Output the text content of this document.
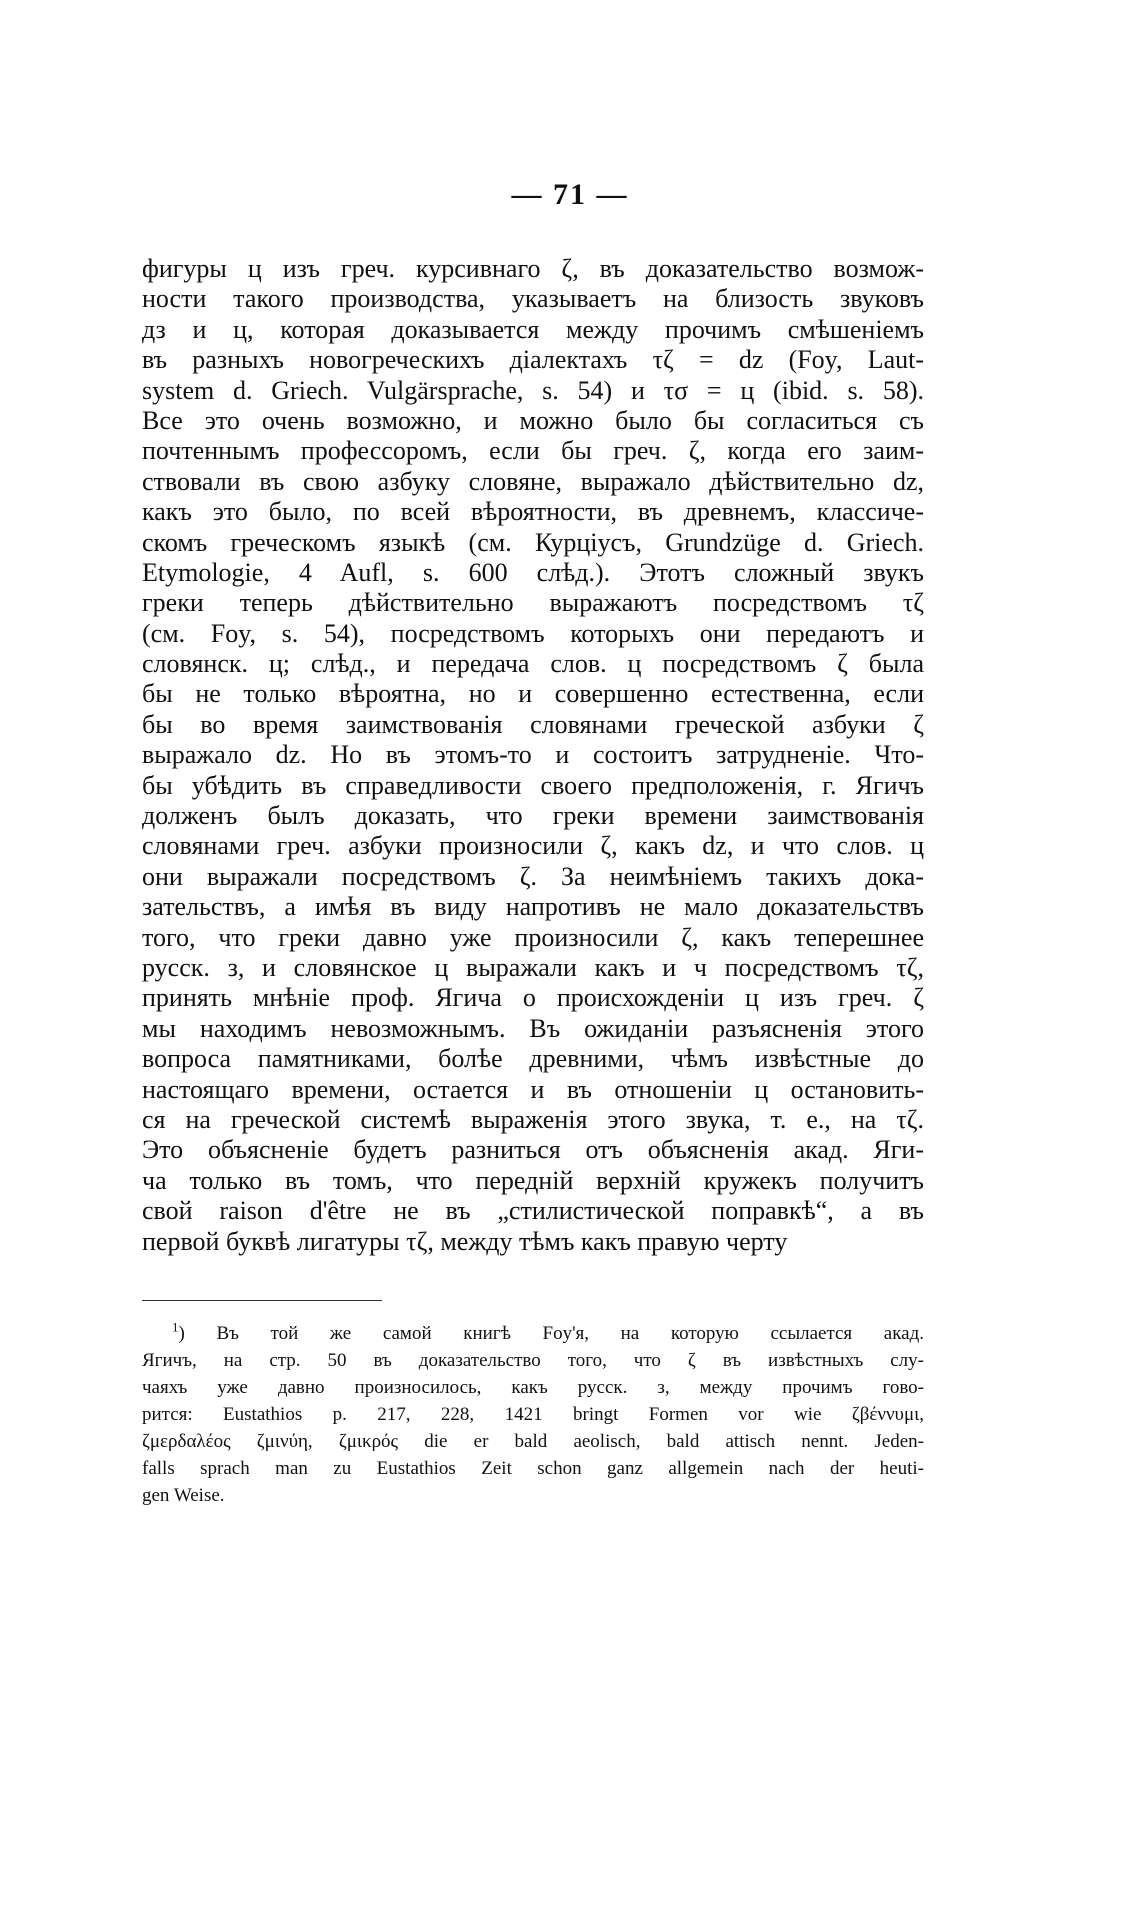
— 71 —
фигуры ц изъ греч. курсивнаго ζ, въ доказательство возмож-
ности такого производства, указываетъ на близость звуковъ
дз и ц, которая доказывается между прочимъ смѣшеніемъ
въ разныхъ новогреческихъ діалектахъ τζ = dz (Foy, Laut-
system d. Griech. Vulgärsprache, s. 54) и τσ = ц (ibid. s. 58).
Все это очень возможно, и можно было бы согласиться съ
почтеннымъ профессоромъ, если бы греч. ζ, когда его заим-
ствовали въ свою азбуку словяне, выражало дѣйствительно dz,
какъ это было, по всей вѣроятности, въ древнемъ, классиче-
скомъ греческомъ языкѣ (см. Курціусъ, Grundzüge d. Griech.
Etymologie, 4 Aufl, s. 600 слѣд.). Этотъ сложный звукъ
греки теперь дѣйствительно выражаютъ посредствомъ τζ
(см. Foy, s. 54), посредствомъ которыхъ они передаютъ и
словянск. ц; слѣд., и передача слов. ц посредствомъ ζ была
бы не только вѣроятна, но и совершенно естественна, если
бы во время заимствованія словянами греческой азбуки ζ
выражало dz. Но въ этомъ-то и состоитъ затрудненіе. Что-
бы убѣдить въ справедливости своего предположенія, г. Ягичъ
долженъ былъ доказать, что греки времени заимствованія
словянами греч. азбуки произносили ζ, какъ dz, и что слов. ц
они выражали посредствомъ ζ. За неимѣніемъ такихъ дока-
зательствъ, а имѣя въ виду напротивъ не мало доказательствъ
того, что греки давно уже произносили ζ, какъ теперешнее
русск. з, и словянское ц выражали какъ и ч посредствомъ τζ,
принять мнѣніе проф. Ягича о происхожденіи ц изъ греч. ζ
мы находимъ невозможнымъ. Въ ожиданіи разъясненія этого
вопроса памятниками, болѣе древними, чѣмъ извѣстные до
настоящаго времени, остается и въ отношеніи ц остановить-
ся на греческой системѣ выраженія этого звука, т. е., на τζ.
Это объясненіе будетъ разниться отъ объясненія акад. Яги-
ча только въ томъ, что передній верхній кружекъ получитъ
свой raison d'être не въ „стилистической поправкѣ“, а въ
первой буквѣ лигатуры τζ, между тѣмъ какъ правую черту
$^1$) Въ той же самой книгѣ Foy'я, на которую ссылается акад.
Ягичъ, на стр. 50 въ доказательство того, что ζ въ извѣстныхъ слу-
чаяхъ уже давно произносилось, какъ русск. з, между прочимъ гово-
рится: Eustathios p. 217, 228, 1421 bringt Formen vor wie ζβέννυμι,
ζμερδαλέος ζμινύη, ζμικρός die er bald aeolisch, bald attisch nennt. Jeden-
falls sprach man zu Eustathios Zeit schon ganz allgemein nach der heuti-
gen Weise.
